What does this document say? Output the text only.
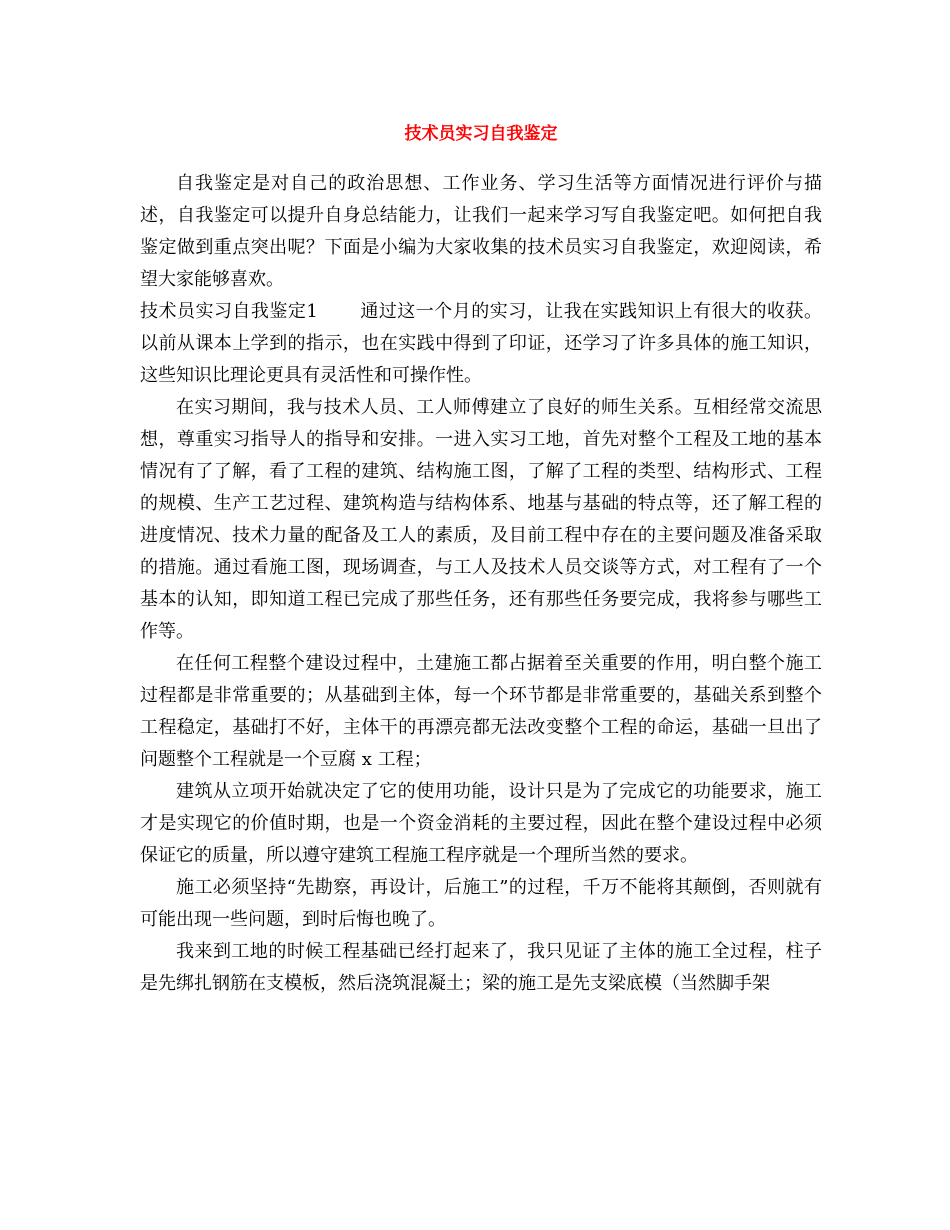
技术员实习自我鉴定

自我鉴定是对自己的政治思想、工作业务、学习生活等方面情况进行评价与描述，自我鉴定可以提升自身总结能力，让我们一起来学习写自我鉴定吧。如何把自我鉴定做到重点突出呢？下面是小编为大家收集的技术员实习自我鉴定，欢迎阅读，希望大家能够喜欢。

技术员实习自我鉴定1 通过这一个月的实习，让我在实践知识上有很大的收获。以前从课本上学到的指示，也在实践中得到了印证，还学习了许多具体的施工知识，这些知识比理论更具有灵活性和可操作性。

在实习期间，我与技术人员、工人师傅建立了良好的师生关系。互相经常交流思想，尊重实习指导人的指导和安排。一进入实习工地，首先对整个工程及工地的基本情况有了了解，看了工程的建筑、结构施工图，了解了工程的类型、结构形式、工程的规模、生产工艺过程、建筑构造与结构体系、地基与基础的特点等，还了解工程的进度情况、技术力量的配备及工人的素质，及目前工程中存在的主要问题及准备采取的措施。通过看施工图，现场调查，与工人及技术人员交谈等方式，对工程有了一个基本的认知，即知道工程已完成了那些任务，还有那些任务要完成，我将参与哪些工作等。

在任何工程整个建设过程中，土建施工都占据着至关重要的作用，明白整个施工过程都是非常重要的；从基础到主体，每一个环节都是非常重要的，基础关系到整个工程稳定，基础打不好，主体干的再漂亮都无法改变整个工程的命运，基础一旦出了问题整个工程就是一个豆腐 x 工程；

建筑从立项开始就决定了它的使用功能，设计只是为了完成它的功能要求，施工才是实现它的价值时期，也是一个资金消耗的主要过程，因此在整个建设过程中必须保证它的质量，所以遵守建筑工程施工程序就是一个理所当然的要求。

施工必须坚持“先勘察，再设计，后施工”的过程，千万不能将其颠倒，否则就有可能出现一些问题，到时后悔也晚了。

我来到工地的时候工程基础已经打起来了，我只见证了主体的施工全过程，柱子是先绑扎钢筋在支模板，然后浇筑混凝土；梁的施工是先支梁底模（当然脚手架
